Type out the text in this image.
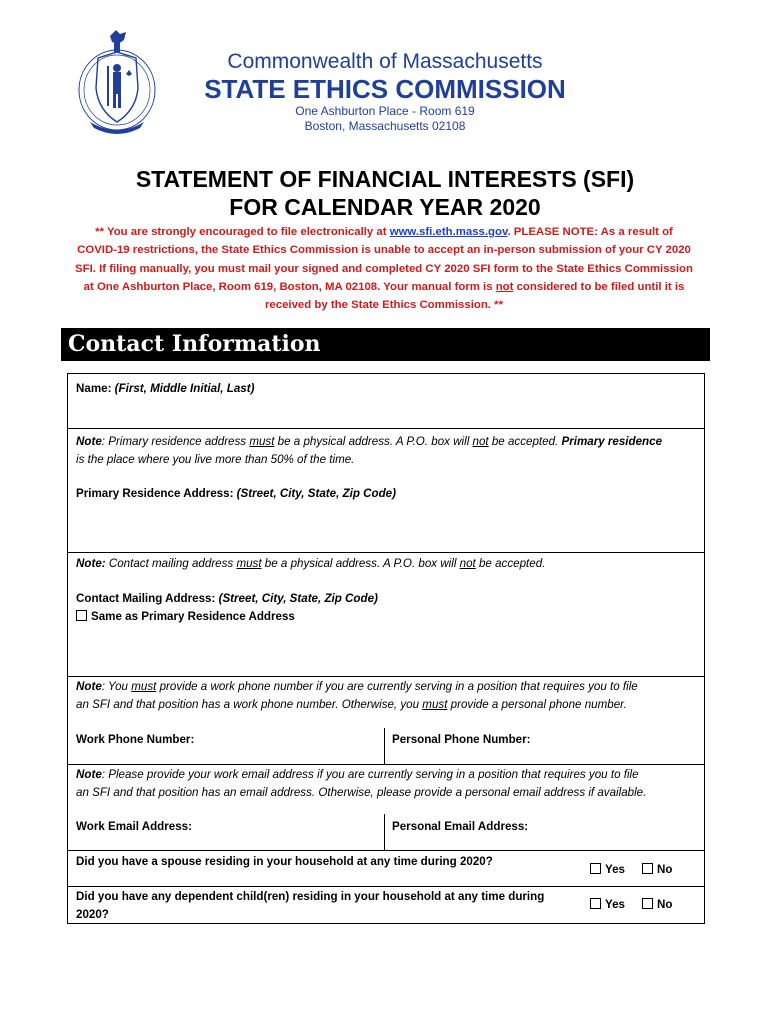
Commonwealth of Massachusetts
STATE ETHICS COMMISSION
One Ashburton Place - Room 619
Boston, Massachusetts 02108
STATEMENT OF FINANCIAL INTERESTS (SFI)
FOR CALENDAR YEAR 2020
** You are strongly encouraged to file electronically at www.sfi.eth.mass.gov. PLEASE NOTE: As a result of COVID-19 restrictions, the State Ethics Commission is unable to accept an in-person submission of your CY 2020 SFI. If filing manually, you must mail your signed and completed CY 2020 SFI form to the State Ethics Commission at One Ashburton Place, Room 619, Boston, MA 02108. Your manual form is not considered to be filed until it is received by the State Ethics Commission. **
Contact Information
Name: (First, Middle Initial, Last)
Note: Primary residence address must be a physical address. A P.O. box will not be accepted. Primary residence
is the place where you live more than 50% of the time.
Primary Residence Address: (Street, City, State, Zip Code)
Note: Contact mailing address must be a physical address. A P.O. box will not be accepted.
Contact Mailing Address: (Street, City, State, Zip Code)
Same as Primary Residence Address
Note: You must provide a work phone number if you are currently serving in a position that requires you to file
an SFI and that position has a work phone number. Otherwise, you must provide a personal phone number.
Work Phone Number:	Personal Phone Number:
Note: Please provide your work email address if you are currently serving in a position that requires you to file
an SFI and that position has an email address. Otherwise, please provide a personal email address if available.
Work Email Address:	Personal Email Address:
Did you have a spouse residing in your household at any time during 2020?
Yes	No
Did you have any dependent child(ren) residing in your household at any time during
2020?
Yes	No
